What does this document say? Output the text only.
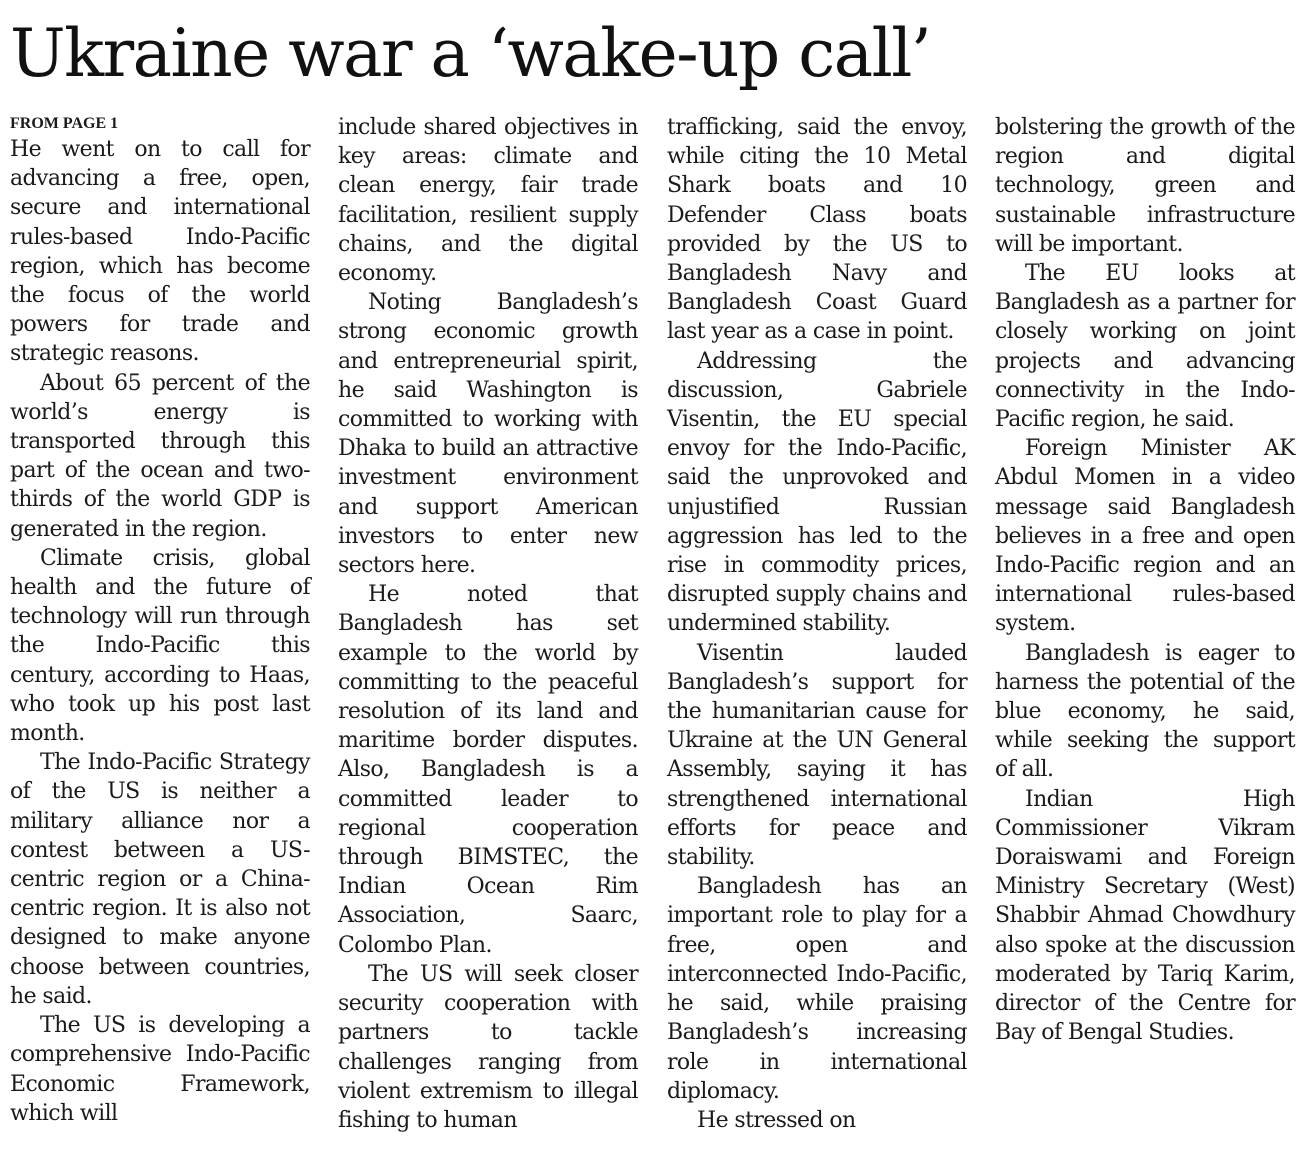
Ukraine war a ‘wake-up call’
FROM PAGE 1

He went on to call for advancing a free, open, secure and international rules-based Indo-Pacific region, which has become the focus of the world powers for trade and strategic reasons.

About 65 percent of the world’s energy is transported through this part of the ocean and two-thirds of the world GDP is generated in the region.

Climate crisis, global health and the future of technology will run through the Indo-Pacific this century, according to Haas, who took up his post last month.

The Indo-Pacific Strategy of the US is neither a military alliance nor a contest between a US-centric region or a China-centric region. It is also not designed to make anyone choose between countries, he said.

The US is developing a comprehensive Indo-Pacific Economic Framework, which will

include shared objectives in key areas: climate and clean energy, fair trade facilitation, resilient supply chains, and the digital economy.

Noting Bangladesh’s strong economic growth and entrepreneurial spirit, he said Washington is committed to working with Dhaka to build an attractive investment environment and support American investors to enter new sectors here.

He noted that Bangladesh has set example to the world by committing to the peaceful resolution of its land and maritime border disputes. Also, Bangladesh is a committed leader to regional cooperation through BIMSTEC, the Indian Ocean Rim Association, Saarc, Colombo Plan.

The US will seek closer security cooperation with partners to tackle challenges ranging from violent extremism to illegal fishing to human

trafficking, said the envoy, while citing the 10 Metal Shark boats and 10 Defender Class boats provided by the US to Bangladesh Navy and Bangladesh Coast Guard last year as a case in point.

Addressing the discussion, Gabriele Visentin, the EU special envoy for the Indo-Pacific, said the unprovoked and unjustified Russian aggression has led to the rise in commodity prices, disrupted supply chains and undermined stability.

Visentin lauded Bangladesh’s support for the humanitarian cause for Ukraine at the UN General Assembly, saying it has strengthened international efforts for peace and stability.

Bangladesh has an important role to play for a free, open and interconnected Indo-Pacific, he said, while praising Bangladesh’s increasing role in international diplomacy.

He stressed on

bolstering the growth of the region and digital technology, green and sustainable infrastructure will be important.

The EU looks at Bangladesh as a partner for closely working on joint projects and advancing connectivity in the Indo-Pacific region, he said.

Foreign Minister AK Abdul Momen in a video message said Bangladesh believes in a free and open Indo-Pacific region and an international rules-based system.

Bangladesh is eager to harness the potential of the blue economy, he said, while seeking the support of all.

Indian High Commissioner Vikram Doraiswami and Foreign Ministry Secretary (West) Shabbir Ahmad Chowdhury also spoke at the discussion moderated by Tariq Karim, director of the Centre for Bay of Bengal Studies.
